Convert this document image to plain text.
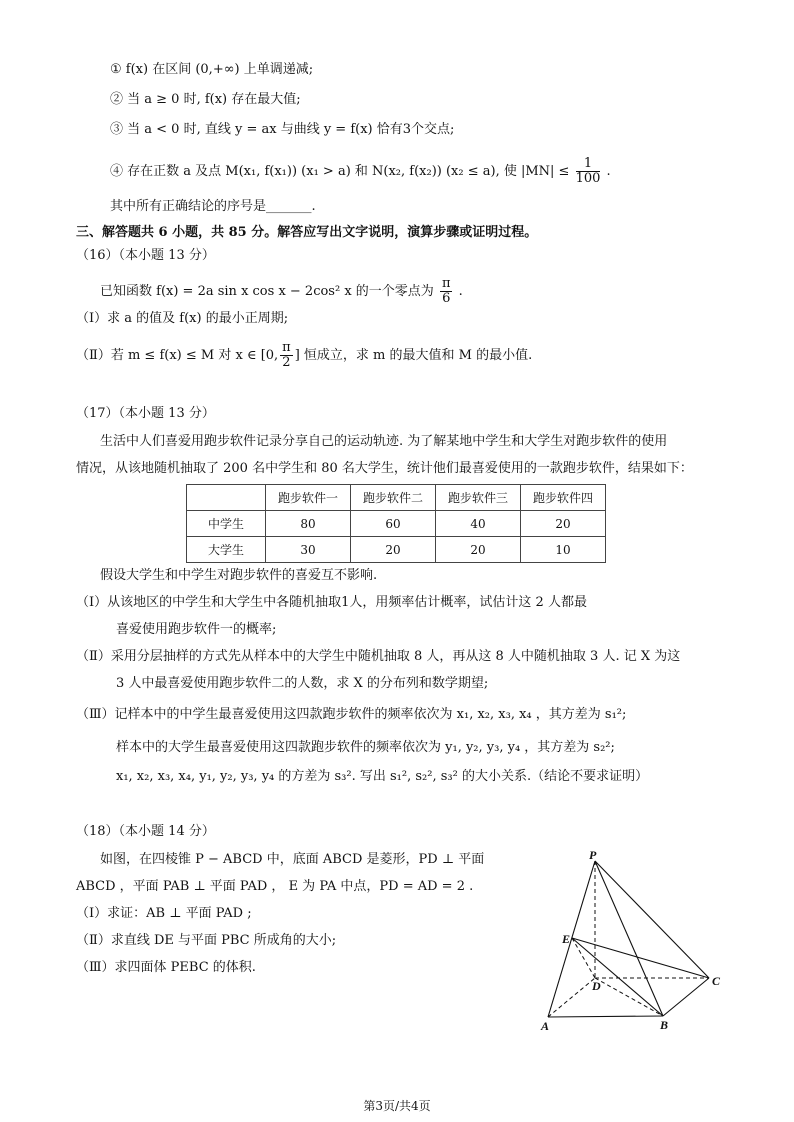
① f(x) 在区间 (0,+∞) 上单调递减;
② 当 a ≥ 0 时, f(x) 存在最大值;
③ 当 a < 0 时, 直线 y = ax 与曲线 y = f(x) 恰有3个交点;
④ 存在正数 a 及点 M(x₁, f(x₁)) (x₁ > a) 和 N(x₂, f(x₂)) (x₂ ≤ a), 使 $|MN| \le \frac{1}{100}$ .
其中所有正确结论的序号是_______.
三、解答题共 6 小题，共 85 分。解答应写出文字说明，演算步骤或证明过程。
（16）（本小题 13 分）
已知函数 f(x) = 2a sin x cos x − 2cos² x 的一个零点为 $\frac{\pi}{6}$ .
（Ⅰ）求 a 的值及 f(x) 的最小正周期;
（Ⅱ）若 m ≤ f(x) ≤ M 对 x ∈ [0, $\frac{\pi}{2}$ ] 恒成立，求 m 的最大值和 M 的最小值.
（17）（本小题 13 分）
生活中人们喜爱用跑步软件记录分享自己的运动轨迹. 为了解某地中学生和大学生对跑步软件的使用
情况，从该地随机抽取了 200 名中学生和 80 名大学生，统计他们最喜爱使用的一款跑步软件，结果如下：
	跑步软件一	跑步软件二	跑步软件三	跑步软件四
中学生	80	60	40	20
大学生	30	20	20	10
假设大学生和中学生对跑步软件的喜爱互不影响.
（Ⅰ）从该地区的中学生和大学生中各随机抽取1人，用频率估计概率，试估计这 2 人都最
喜爱使用跑步软件一的概率;
（Ⅱ）采用分层抽样的方式先从样本中的大学生中随机抽取 8 人，再从这 8 人中随机抽取 3 人. 记 X 为这
3 人中最喜爱使用跑步软件二的人数，求 X 的分布列和数学期望;
（Ⅲ）记样本中的中学生最喜爱使用这四款跑步软件的频率依次为 x₁, x₂, x₃, x₄ ，其方差为 s₁²;
样本中的大学生最喜爱使用这四款跑步软件的频率依次为 y₁, y₂, y₃, y₄ ，其方差为 s₂²;
x₁, x₂, x₃, x₄, y₁, y₂, y₃, y₄ 的方差为 s₃². 写出 s₁², s₂², s₃² 的大小关系.（结论不要求证明）
（18）（本小题 14 分）
如图，在四棱锥 P − ABCD 中，底面 ABCD 是菱形，PD ⊥ 平面
ABCD ，平面 PAB ⊥ 平面 PAD ， E 为 PA 中点，PD = AD = 2 .
（Ⅰ）求证：AB ⊥ 平面 PAD ;
（Ⅱ）求直线 DE 与平面 PBC 所成角的大小;
（Ⅲ）求四面体 PEBC 的体积.
P
E
D	C
A	B
第3页/共4页
